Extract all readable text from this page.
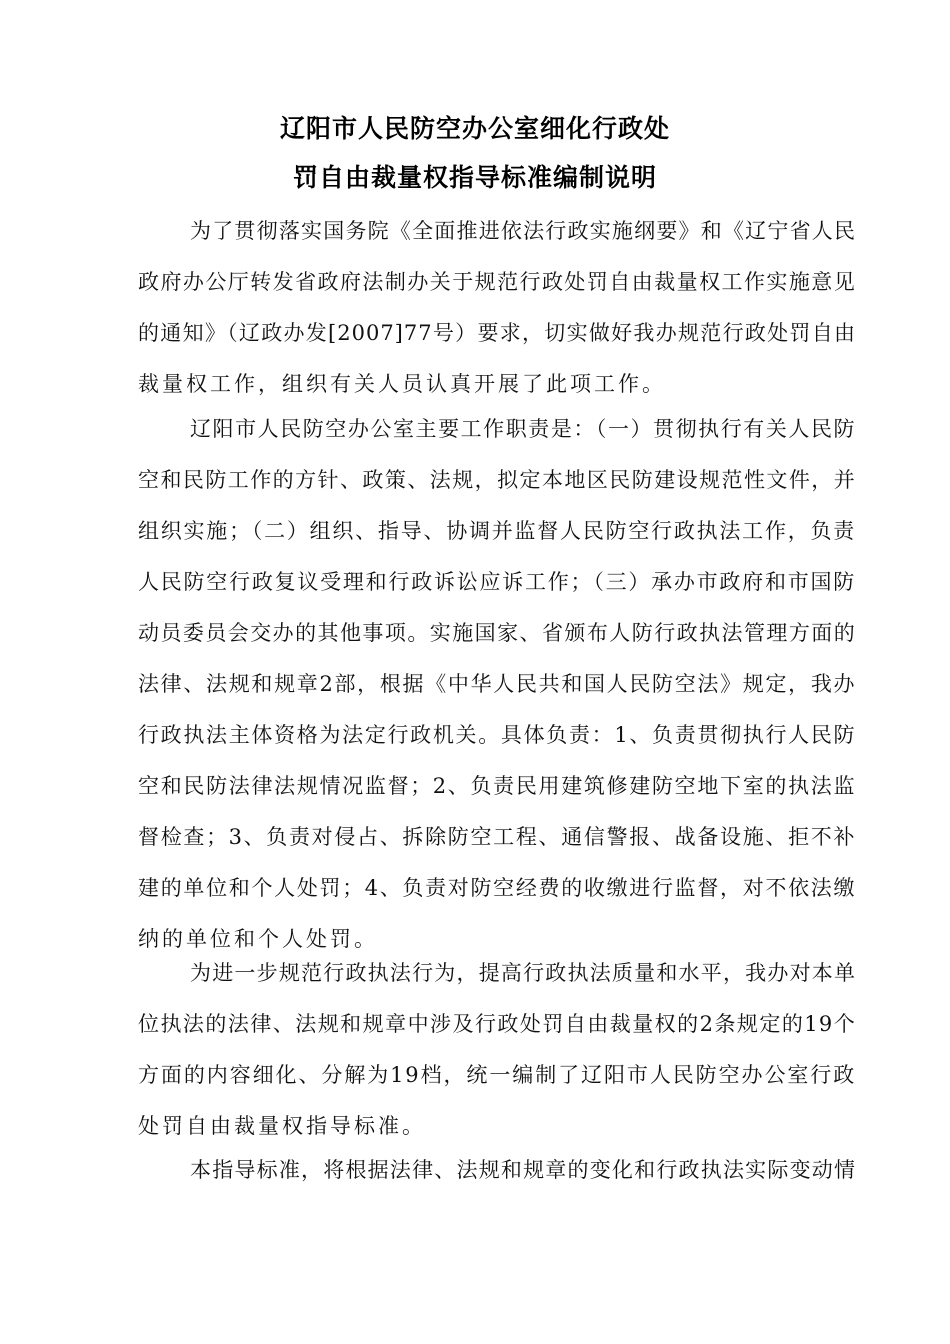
辽阳市人民防空办公室细化行政处
罚自由裁量权指导标准编制说明
为了贯彻落实国务院《全面推进依法行政实施纲要》和《辽宁省人民
政府办公厅转发省政府法制办关于规范行政处罚自由裁量权工作实施意见
的通知》（辽政办发[2007]77号）要求，切实做好我办规范行政处罚自由
裁量权工作，组织有关人员认真开展了此项工作。
辽阳市人民防空办公室主要工作职责是：（一）贯彻执行有关人民防
空和民防工作的方针、政策、法规，拟定本地区民防建设规范性文件，并
组织实施；（二）组织、指导、协调并监督人民防空行政执法工作，负责
人民防空行政复议受理和行政诉讼应诉工作；（三）承办市政府和市国防
动员委员会交办的其他事项。实施国家、省颁布人防行政执法管理方面的
法律、法规和规章2部，根据《中华人民共和国人民防空法》规定，我办
行政执法主体资格为法定行政机关。具体负责：1、负责贯彻执行人民防
空和民防法律法规情况监督；2、负责民用建筑修建防空地下室的执法监
督检查；3、负责对侵占、拆除防空工程、通信警报、战备设施、拒不补
建的单位和个人处罚；4、负责对防空经费的收缴进行监督，对不依法缴
纳的单位和个人处罚。
为进一步规范行政执法行为，提高行政执法质量和水平，我办对本单
位执法的法律、法规和规章中涉及行政处罚自由裁量权的2条规定的19个
方面的内容细化、分解为19档，统一编制了辽阳市人民防空办公室行政
处罚自由裁量权指导标准。
本指导标准，将根据法律、法规和规章的变化和行政执法实际变动情
